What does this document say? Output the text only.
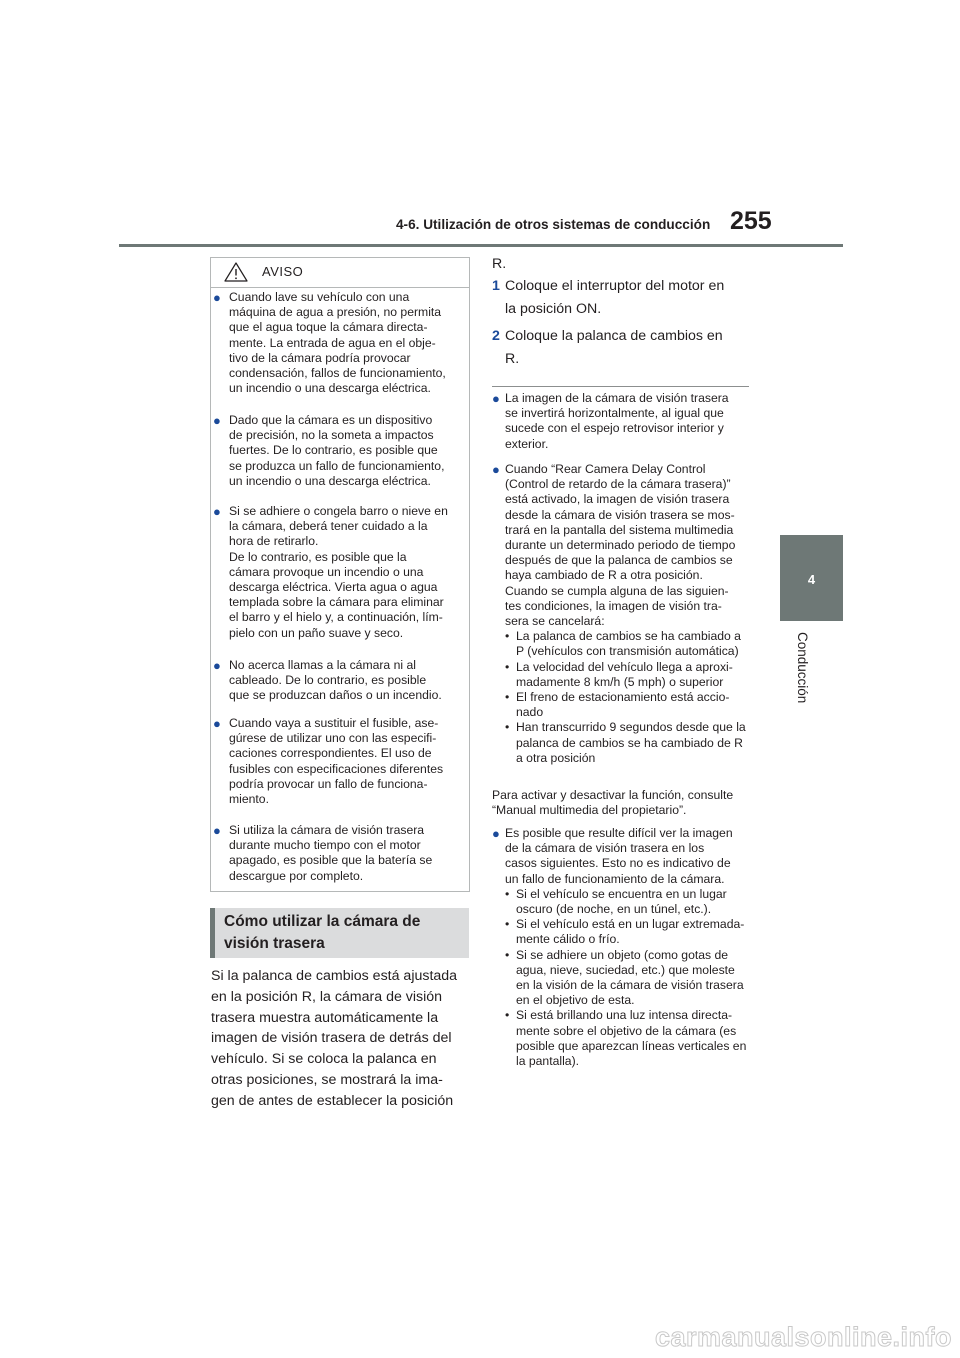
4-6. Utilización de otros sistemas de conducción 255
4
Conducción
AVISO
● Cuando lave su vehículo con una
máquina de agua a presión, no permita
que el agua toque la cámara directa-
mente. La entrada de agua en el obje-
tivo de la cámara podría provocar
condensación, fallos de funcionamiento,
un incendio o una descarga eléctrica.
● Dado que la cámara es un dispositivo
de precisión, no la someta a impactos
fuertes. De lo contrario, es posible que
se produzca un fallo de funcionamiento,
un incendio o una descarga eléctrica.
● Si se adhiere o congela barro o nieve en
la cámara, deberá tener cuidado a la
hora de retirarlo.
De lo contrario, es posible que la
cámara provoque un incendio o una
descarga eléctrica. Vierta agua o agua
templada sobre la cámara para eliminar
el barro y el hielo y, a continuación, lím-
pielo con un paño suave y seco.
● No acerca llamas a la cámara ni al
cableado. De lo contrario, es posible
que se produzcan daños o un incendio.
● Cuando vaya a sustituir el fusible, ase-
gúrese de utilizar uno con las especifi-
caciones correspondientes. El uso de
fusibles con especificaciones diferentes
podría provocar un fallo de funciona-
miento.
● Si utiliza la cámara de visión trasera
durante mucho tiempo con el motor
apagado, es posible que la batería se
descargue por completo.
Cómo utilizar la cámara de
visión trasera
Si la palanca de cambios está ajustada
en la posición R, la cámara de visión
trasera muestra automáticamente la
imagen de visión trasera de detrás del
vehículo. Si se coloca la palanca en
otras posiciones, se mostrará la ima-
gen de antes de establecer la posición
R.
1 Coloque el interruptor del motor en
la posición ON.
2 Coloque la palanca de cambios en
R.
● La imagen de la cámara de visión trasera
se invertirá horizontalmente, al igual que
sucede con el espejo retrovisor interior y
exterior.
● Cuando “Rear Camera Delay Control
(Control de retardo de la cámara trasera)”
está activado, la imagen de visión trasera
desde la cámara de visión trasera se mos-
trará en la pantalla del sistema multimedia
durante un determinado periodo de tiempo
después de que la palanca de cambios se
haya cambiado de R a otra posición.
Cuando se cumpla alguna de las siguien-
tes condiciones, la imagen de visión tra-
sera se cancelará:
• La palanca de cambios se ha cambiado a
P (vehículos con transmisión automática)
• La velocidad del vehículo llega a aproxi-
madamente 8 km/h (5 mph) o superior
• El freno de estacionamiento está accio-
nado
• Han transcurrido 9 segundos desde que la
palanca de cambios se ha cambiado de R
a otra posición
Para activar y desactivar la función, consulte
“Manual multimedia del propietario”.
● Es posible que resulte difícil ver la imagen
de la cámara de visión trasera en los
casos siguientes. Esto no es indicativo de
un fallo de funcionamiento de la cámara.
• Si el vehículo se encuentra en un lugar
oscuro (de noche, en un túnel, etc.).
• Si el vehículo está en un lugar extremada-
mente cálido o frío.
• Si se adhiere un objeto (como gotas de
agua, nieve, suciedad, etc.) que moleste
en la visión de la cámara de visión trasera
en el objetivo de esta.
• Si está brillando una luz intensa directa-
mente sobre el objetivo de la cámara (es
posible que aparezcan líneas verticales en
la pantalla).
carmanualsonline.info
